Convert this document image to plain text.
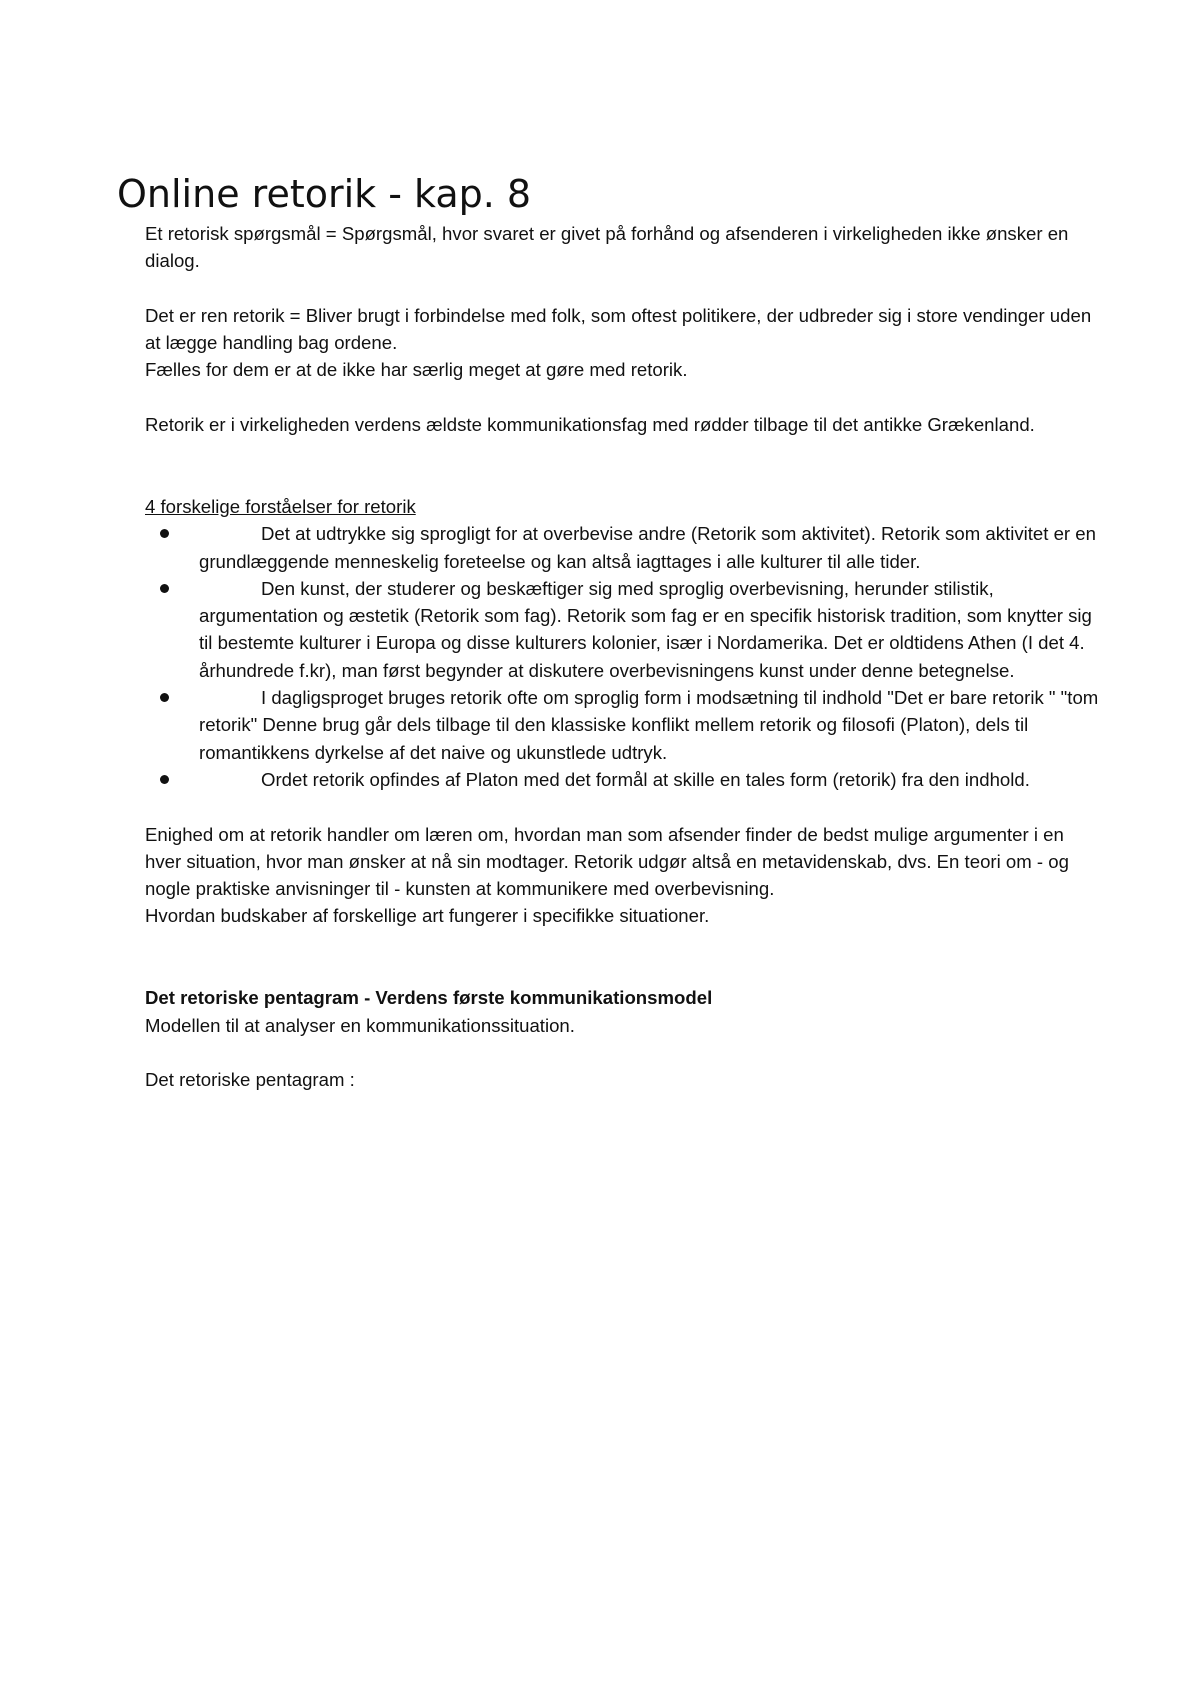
Online retorik - kap. 8

Et retorisk spørgsmål = Spørgsmål, hvor svaret er givet på forhånd og afsenderen i virkeligheden ikke ønsker en dialog.

Det er ren retorik = Bliver brugt i forbindelse med folk, som oftest politikere, der udbreder sig i store vendinger uden at lægge handling bag ordene.

Fælles for dem er at de ikke har særlig meget at gøre med retorik.

Retorik er i virkeligheden verdens ældste kommunikationsfag med rødder tilbage til det antikke Grækenland.

4 forskelige forståelser for retorik

Det at udtrykke sig sprogligt for at overbevise andre (Retorik som aktivitet). Retorik som aktivitet er en grundlæggende menneskelig foreteelse og kan altså iagttages i alle kulturer til alle tider.
Den kunst, der studerer og beskæftiger sig med sproglig overbevisning, herunder stilistik, argumentation og æstetik (Retorik som fag). Retorik som fag er en specifik historisk tradition, som knytter sig til bestemte kulturer i Europa og disse kulturers kolonier, især i Nordamerika. Det er oldtidens Athen (I det 4. århundrede f.kr), man først begynder at diskutere overbevisningens kunst under denne betegnelse.
I dagligsproget bruges retorik ofte om sproglig form i modsætning til indhold "Det er bare retorik " "tom retorik" Denne brug går dels tilbage til den klassiske konflikt mellem retorik og filosofi (Platon), dels til romantikkens dyrkelse af det naive og ukunstlede udtryk.
Ordet retorik opfindes af Platon med det formål at skille en tales form (retorik) fra den indhold.

Enighed om at retorik handler om læren om, hvordan man som afsender finder de bedst mulige argumenter i en hver situation, hvor man ønsker at nå sin modtager. Retorik udgør altså en metavidenskab, dvs. En teori om - og nogle praktiske anvisninger til - kunsten at kommunikere med overbevisning.

Hvordan budskaber af forskellige art fungerer i specifikke situationer.

Det retoriske pentagram - Verdens første kommunikationsmodel

Modellen til at analyser en kommunikationssituation.

Det retoriske pentagram :
